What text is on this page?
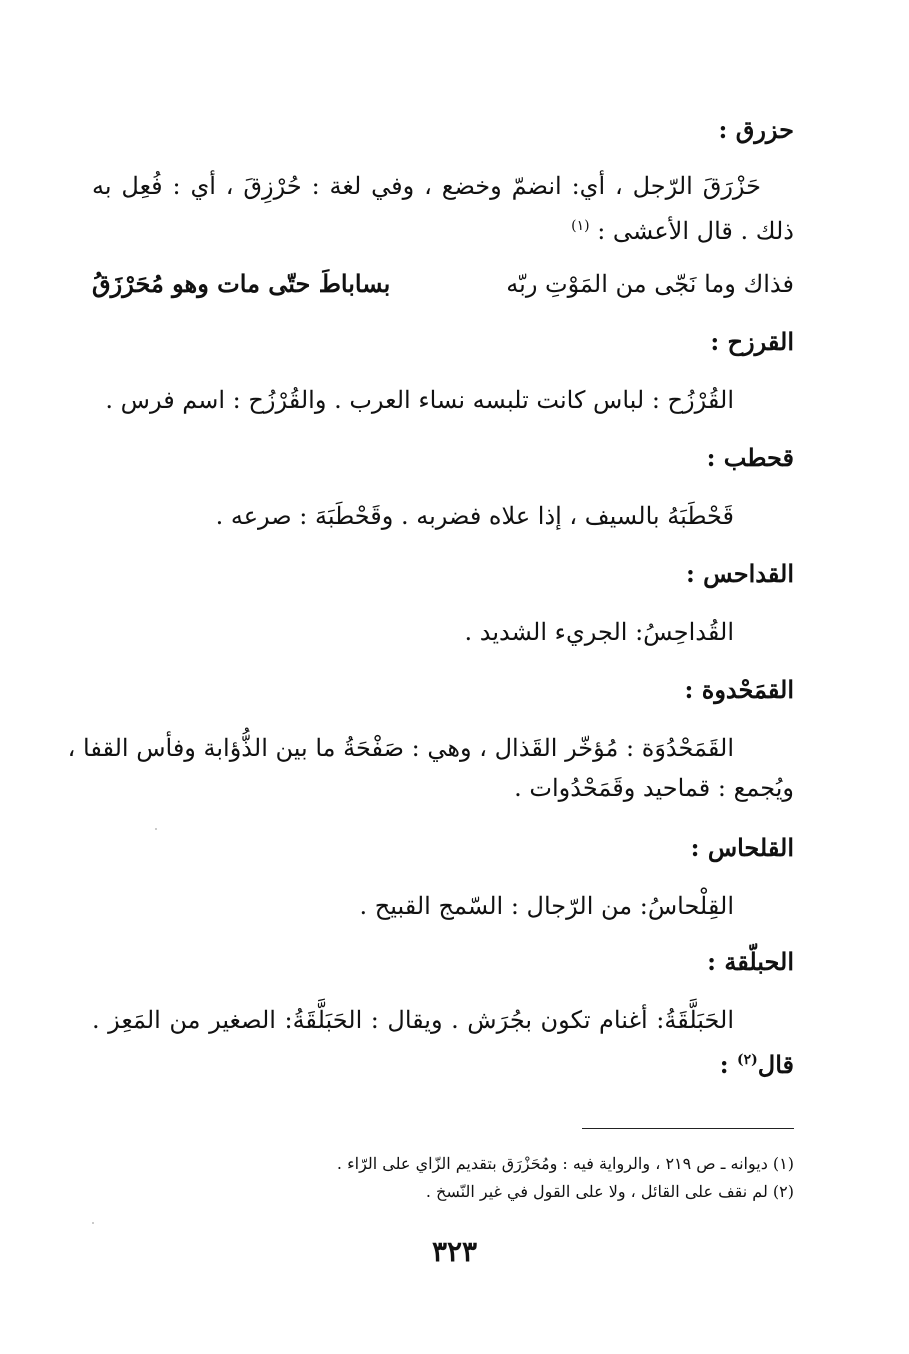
حزرق :
حَزْرَقَ الرّجل ، أي: انضمّ وخضع ، وفي لغة : حُرْزِقَ ، أي : فُعِل به
ذلك . قال الأعشى : $^{(١)}$
فذاك وما نَجّى من المَوْتِ ربّه
بساباطَ حتّى مات وهو مُحَرْزَقُ
القرزح :
القُرْزُح : لباس كانت تلبسه نساء العرب . والقُرْزُح : اسم فرس .
قحطب :
قَحْطَبَهُ بالسيف ، إذا علاه فضربه . وقَحْطَبَهَ : صرعه .
القداحس :
القُداحِسُ: الجريء الشديد .
القمَحْدوة :
القَمَحْدُوَة : مُؤخّر القَذال ، وهي : صَفْحَةُ ما بين الذُّؤابة وفأس القفا ،
ويُجمع : قماحيد وقَمَحْدُوات .
القلحاس :
القِلْحاسُ: من الرّجال : السّمج القبيح .
الحبلّقة :
الحَبَلَّقَةُ: أغنام تكون بجُرَش . ويقال : الحَبَلَّقَةُ: الصغير من المَعِز .
قال$^{(٢)}$ :
(١) ديوانه ـ ص ٢١٩ ، والرواية فيه : ومُحَزْرَق بتقديم الزّاي على الرّاء .
(٢) لم نقف على القائل ، ولا على القول في غير النّسخ .
٣٢٣
